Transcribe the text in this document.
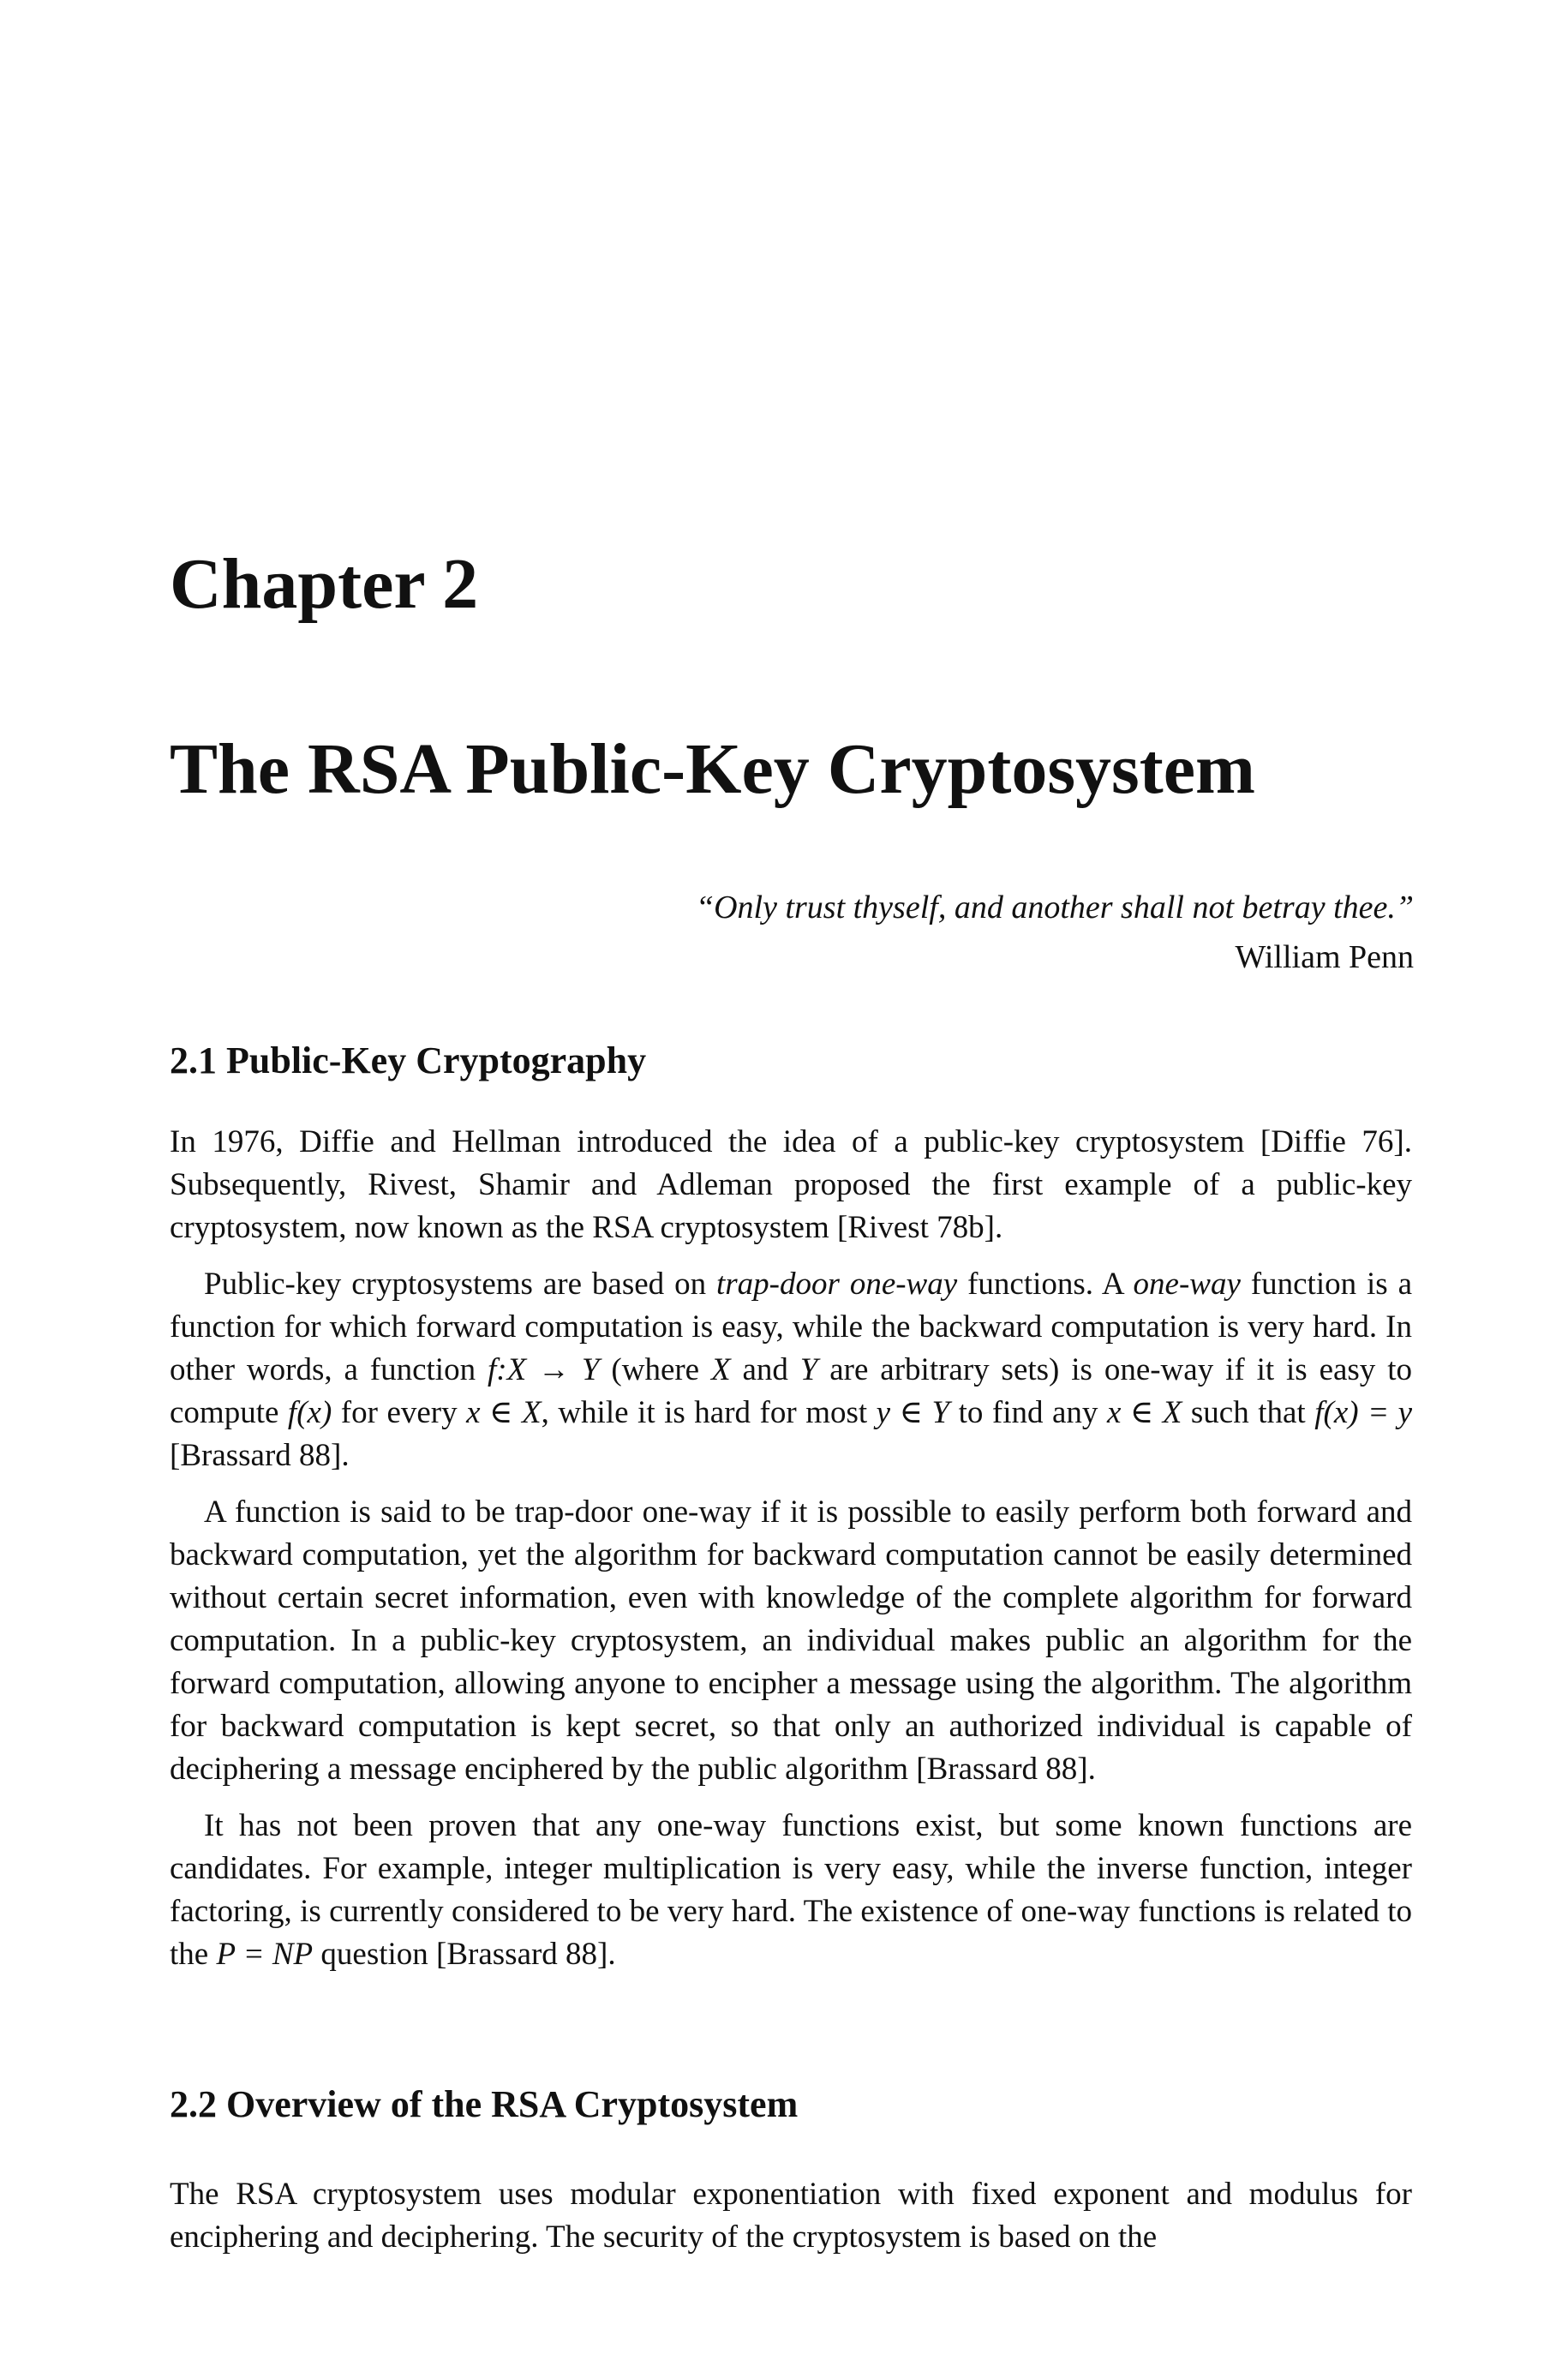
Chapter 2
The RSA Public-Key Cryptosystem
“Only trust thyself, and another shall not betray thee.”
William Penn
2.1 Public-Key Cryptography

In 1976, Diffie and Hellman introduced the idea of a public-key cryptosystem [Diffie 76]. Subsequently, Rivest, Shamir and Adleman proposed the first example of a public-key cryptosystem, now known as the RSA cryptosystem [Rivest 78b].

Public-key cryptosystems are based on trap-door one-way functions. A one-way function is a function for which forward computation is easy, while the backward computation is very hard. In other words, a function f:X → Y (where X and Y are arbitrary sets) is one-way if it is easy to compute f(x) for every x ∈ X, while it is hard for most y ∈ Y to find any x ∈ X such that f(x) = y [Brassard 88].

A function is said to be trap-door one-way if it is possible to easily perform both forward and backward computation, yet the algorithm for backward computation cannot be easily determined without certain secret information, even with knowledge of the complete algorithm for forward computation. In a public-key cryptosystem, an individual makes public an algorithm for the forward computation, allowing anyone to encipher a message using the algorithm. The algorithm for backward computation is kept secret, so that only an authorized individual is capable of deciphering a message enciphered by the public algorithm [Brassard 88].

It has not been proven that any one-way functions exist, but some known functions are candidates. For example, integer multiplication is very easy, while the inverse function, integer factoring, is currently considered to be very hard. The existence of one-way functions is related to the P = NP question [Brassard 88].

2.2 Overview of the RSA Cryptosystem

The RSA cryptosystem uses modular exponentiation with fixed exponent and modulus for enciphering and deciphering. The security of the cryptosystem is based on the
